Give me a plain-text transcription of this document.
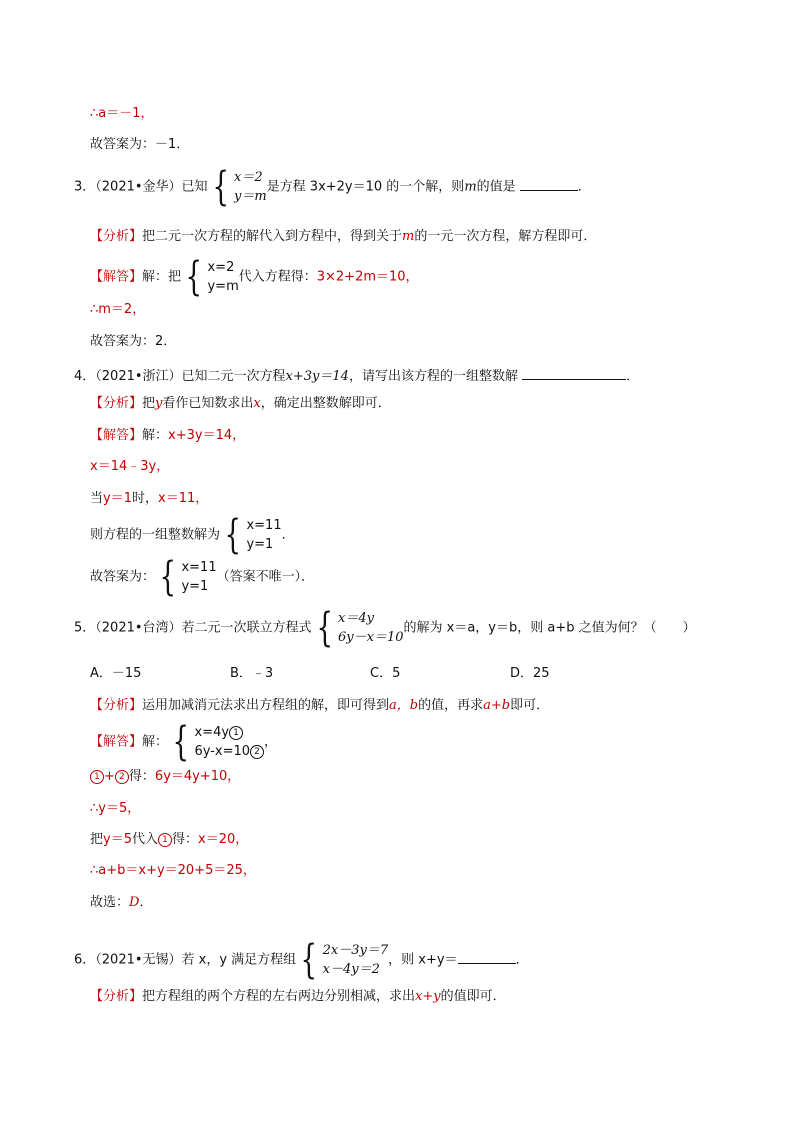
∴a＝－1，
故答案为：－1．
3．（2021•金华）已知 { x＝2
y＝m
是方程 3x+2y＝10 的一个解，则m的值是	．
【分析】把二元一次方程的解代入到方程中，得到关于m的一元一次方程，解方程即可．
【解答】解：把 { x=2
y=m
代入方程得：3×2+2m＝10，
∴m＝2，
故答案为：2．
4．（2021•浙江）已知二元一次方程x+3y＝14，请写出该方程的一组整数解	．
【分析】把y看作已知数求出x，确定出整数解即可．
【解答】解：x+3y＝14，
x＝14﹣3y，
当y＝1时，x＝11，
则方程的一组整数解为 { x=11
y=1
．
故答案为： { x=11
y=1
（答案不唯一）．
5．（2021•台湾）若二元一次联立方程式 { x＝4y
6y－x＝10
的解为 x＝a，y＝b，则 a+b 之值为何？（　　）
A．－15	B．﹣3	C．5	D．25
【分析】运用加减消元法求出方程组的解，即可得到a，b的值，再求a+b即可．
【解答】解： { x=4y 1
6y-x=10 2
，
1 + 2 得：6y＝4y+10，
∴y＝5，
把y＝5代入 1 得：x＝20，
∴a+b＝x+y＝20+5＝25，
故选：D．
6．（2021•无锡）若 x，y 满足方程组 { 2x－3y＝7
x－4y＝2
，则 x+y＝	．
【分析】把方程组的两个方程的左右两边分别相减，求出x+y的值即可．
